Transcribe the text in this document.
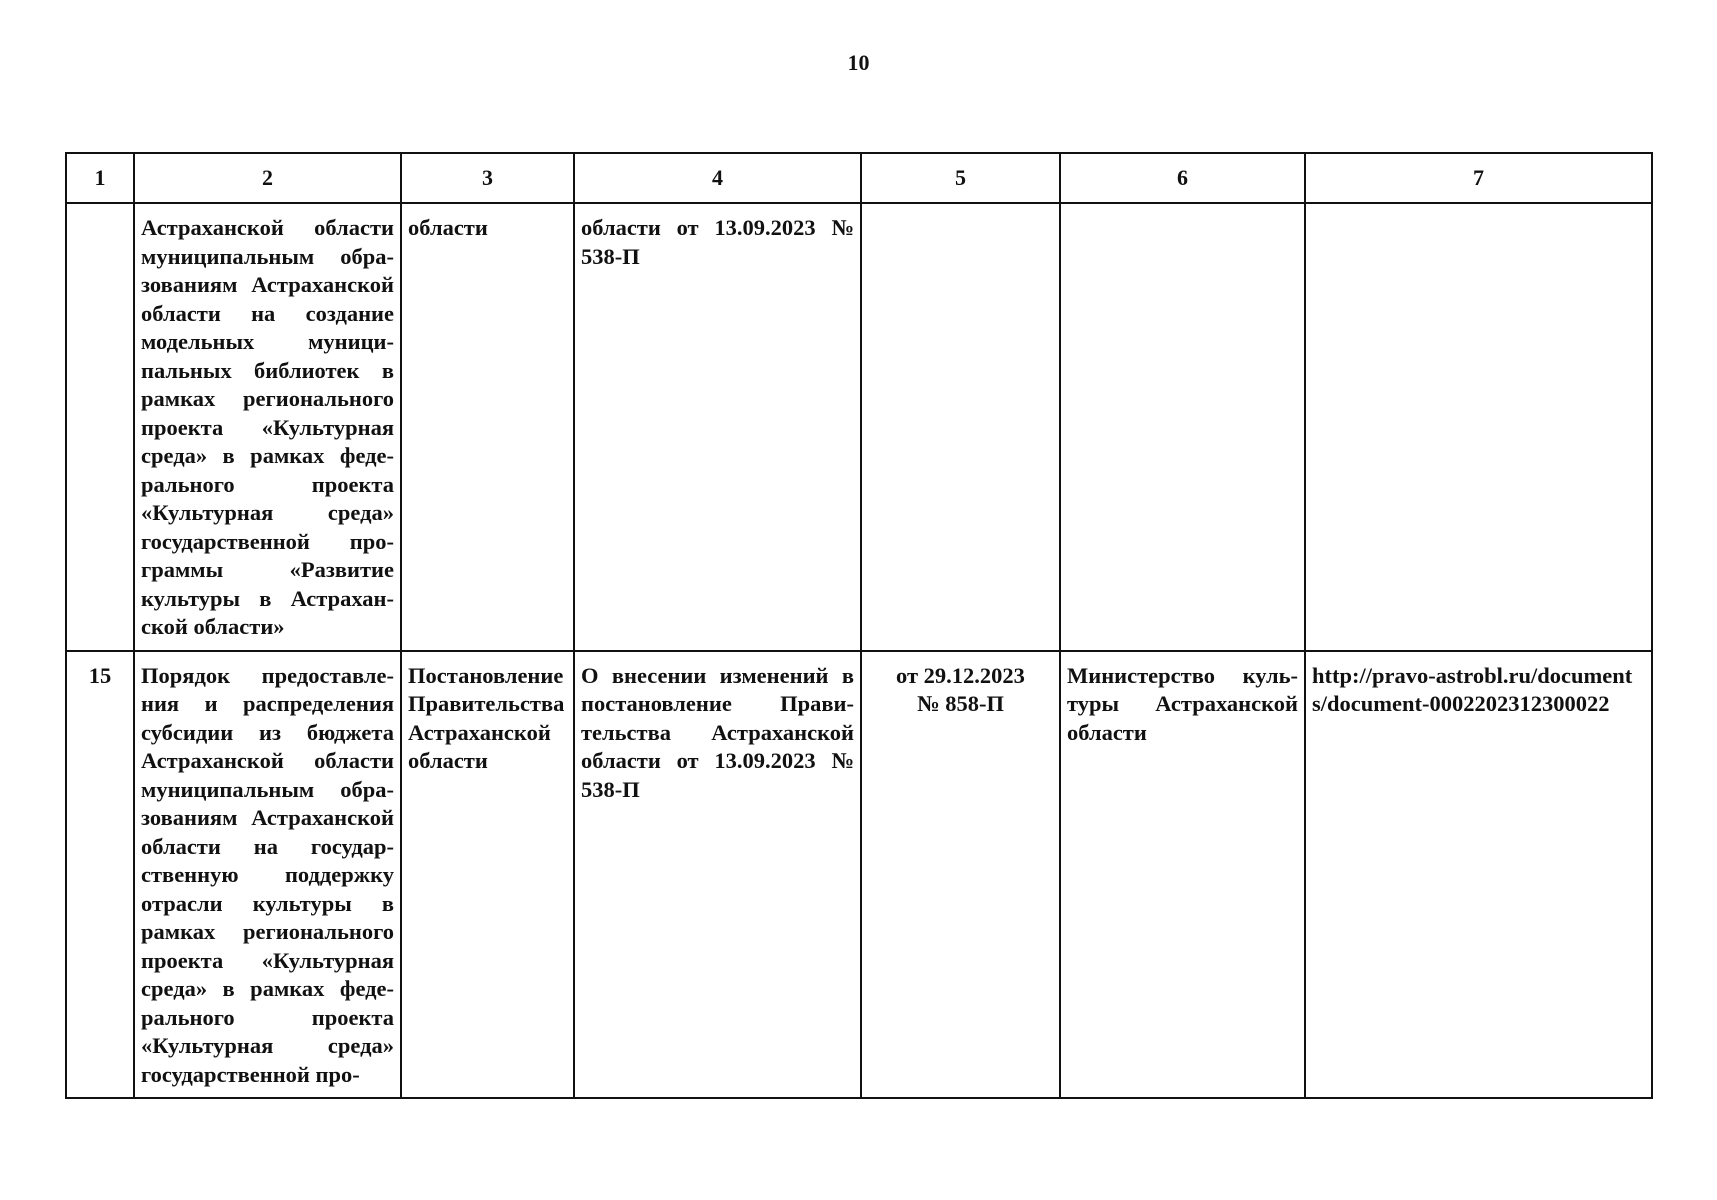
10
1	2	3	4	5	6	7

	Астраханской области муниципальным обра-зованиям Астраханской области на создание модельных муници-пальных библиотек в рамках регионального проекта «Культурная среда» в рамках феде-рального проекта «Культурная среда» государственной про-граммы «Развитие культуры в Астрахан-ской области»	области	области от 13.09.2023 № 538-П			

15	Порядок предоставле-ния и распределения субсидии из бюджета Астраханской области муниципальным обра-зованиям Астраханской области на государ-ственную поддержку отрасли культуры в рамках регионального проекта «Культурная среда» в рамках феде-рального проекта «Культурная среда» государственной про-	Постановление Правительства Астраханской области	О внесении изменений в постановление Прави-тельства Астраханской области от 13.09.2023 № 538-П	от 29.12.2023
№ 858-П	Министерство куль-туры Астраханской области	http://pravo-astrobl.ru/documents/document-0002202312300022
